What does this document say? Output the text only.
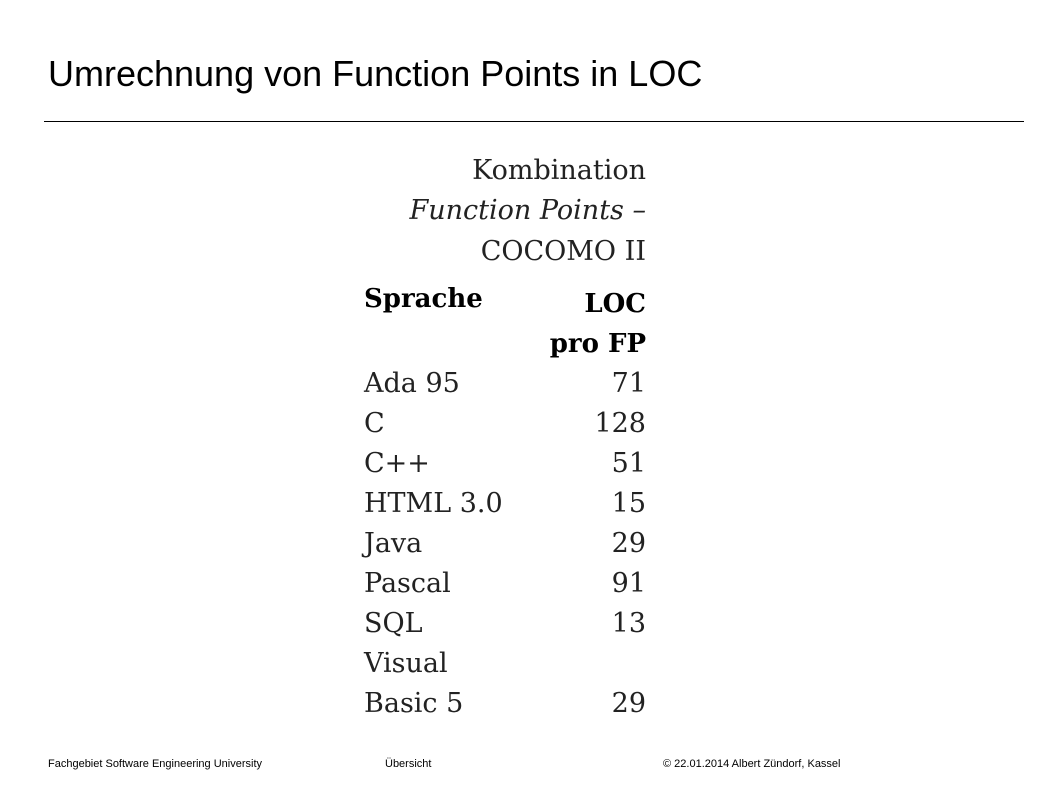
Umrechnung von Function Points in LOC
Kombination
Function Points –
COCOMO II
Sprache	LOC
pro FP
Ada 95	71
C	128
C++	51
HTML 3.0	15
Java	29
Pascal	91
SQL	13
Visual
Basic 5	29
Fachgebiet Software Engineering University	Übersicht	© 22.01.2014 Albert Zündorf, Kassel
